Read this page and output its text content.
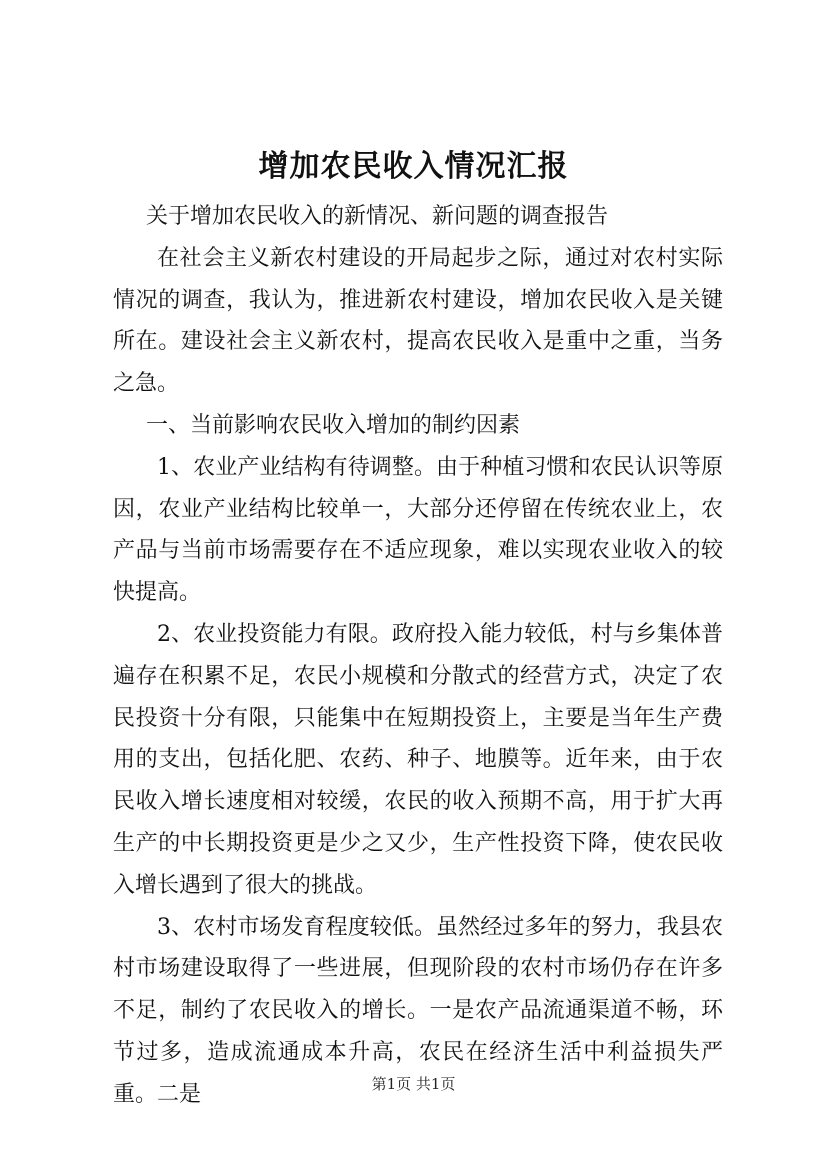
增加农民收入情况汇报

关于增加农民收入的新情况、新问题的调查报告

在社会主义新农村建设的开局起步之际，通过对农村实际情况的调查，我认为，推进新农村建设，增加农民收入是关键所在。建设社会主义新农村，提高农民收入是重中之重，当务之急。

一、当前影响农民收入增加的制约因素

1、农业产业结构有待调整。由于种植习惯和农民认识等原因，农业产业结构比较单一，大部分还停留在传统农业上，农产品与当前市场需要存在不适应现象，难以实现农业收入的较快提高。

2、农业投资能力有限。政府投入能力较低，村与乡集体普遍存在积累不足，农民小规模和分散式的经营方式，决定了农民投资十分有限，只能集中在短期投资上，主要是当年生产费用的支出，包括化肥、农药、种子、地膜等。近年来，由于农民收入增长速度相对较缓，农民的收入预期不高，用于扩大再生产的中长期投资更是少之又少，生产性投资下降，使农民收入增长遇到了很大的挑战。

3、农村市场发育程度较低。虽然经过多年的努力，我县农村市场建设取得了一些进展，但现阶段的农村市场仍存在许多不足，制约了农民收入的增长。一是农产品流通渠道不畅，环节过多，造成流通成本升高，农民在经济生活中利益损失严重。二是	第1页 共1页
